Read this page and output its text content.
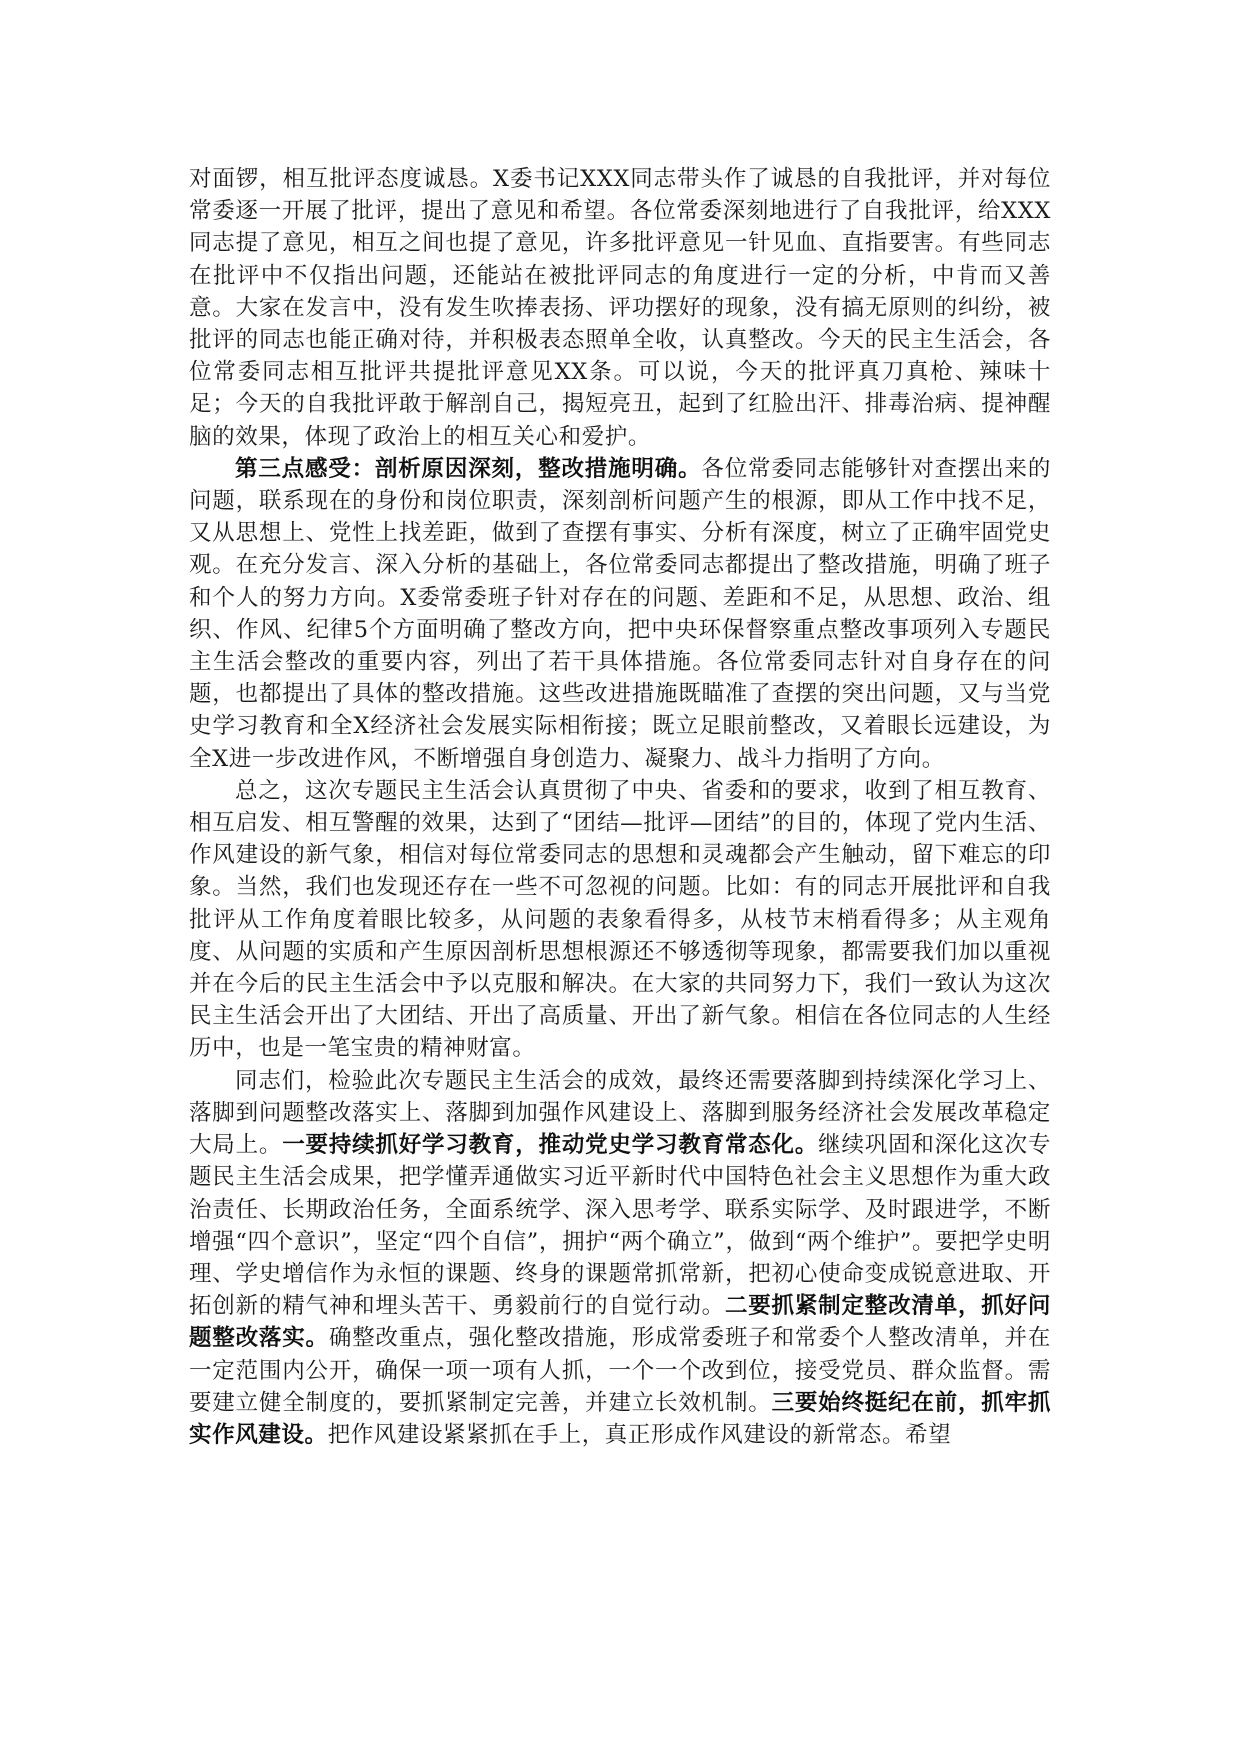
对面锣，相互批评态度诚恳。X委书记XXX同志带头作了诚恳的自我批评，并对每位常委逐一开展了批评，提出了意见和希望。各位常委深刻地进行了自我批评，给XXX同志提了意见，相互之间也提了意见，许多批评意见一针见血、直指要害。有些同志在批评中不仅指出问题，还能站在被批评同志的角度进行一定的分析，中肯而又善意。大家在发言中，没有发生吹捧表扬、评功摆好的现象，没有搞无原则的纠纷，被批评的同志也能正确对待，并积极表态照单全收，认真整改。今天的民主生活会，各位常委同志相互批评共提批评意见XX条。可以说，今天的批评真刀真枪、辣味十足；今天的自我批评敢于解剖自己，揭短亮丑，起到了红脸出汗、排毒治病、提神醒脑的效果，体现了政治上的相互关心和爱护。

第三点感受：剖析原因深刻，整改措施明确。各位常委同志能够针对查摆出来的问题，联系现在的身份和岗位职责，深刻剖析问题产生的根源，即从工作中找不足，又从思想上、党性上找差距，做到了查摆有事实、分析有深度，树立了正确牢固党史观。在充分发言、深入分析的基础上，各位常委同志都提出了整改措施，明确了班子和个人的努力方向。X委常委班子针对存在的问题、差距和不足，从思想、政治、组织、作风、纪律5个方面明确了整改方向，把中央环保督察重点整改事项列入专题民主生活会整改的重要内容，列出了若干具体措施。各位常委同志针对自身存在的问题，也都提出了具体的整改措施。这些改进措施既瞄准了查摆的突出问题，又与当党史学习教育和全X经济社会发展实际相衔接；既立足眼前整改，又着眼长远建设，为全X进一步改进作风，不断增强自身创造力、凝聚力、战斗力指明了方向。

总之，这次专题民主生活会认真贯彻了中央、省委和的要求，收到了相互教育、相互启发、相互警醒的效果，达到了“团结—批评—团结”的目的，体现了党内生活、作风建设的新气象，相信对每位常委同志的思想和灵魂都会产生触动，留下难忘的印象。当然，我们也发现还存在一些不可忽视的问题。比如：有的同志开展批评和自我批评从工作角度着眼比较多，从问题的表象看得多，从枝节末梢看得多；从主观角度、从问题的实质和产生原因剖析思想根源还不够透彻等现象，都需要我们加以重视并在今后的民主生活会中予以克服和解决。在大家的共同努力下，我们一致认为这次民主生活会开出了大团结、开出了高质量、开出了新气象。相信在各位同志的人生经历中，也是一笔宝贵的精神财富。

同志们，检验此次专题民主生活会的成效，最终还需要落脚到持续深化学习上、落脚到问题整改落实上、落脚到加强作风建设上、落脚到服务经济社会发展改革稳定大局上。一要持续抓好学习教育，推动党史学习教育常态化。继续巩固和深化这次专题民主生活会成果，把学懂弄通做实习近平新时代中国特色社会主义思想作为重大政治责任、长期政治任务，全面系统学、深入思考学、联系实际学、及时跟进学，不断增强“四个意识”，坚定“四个自信”，拥护“两个确立”，做到“两个维护”。要把学史明理、学史增信作为永恒的课题、终身的课题常抓常新，把初心使命变成锐意进取、开拓创新的精气神和埋头苦干、勇毅前行的自觉行动。二要抓紧制定整改清单，抓好问题整改落实。确整改重点，强化整改措施，形成常委班子和常委个人整改清单，并在一定范围内公开，确保一项一项有人抓，一个一个改到位，接受党员、群众监督。需要建立健全制度的，要抓紧制定完善，并建立长效机制。三要始终挺纪在前，抓牢抓实作风建设。把作风建设紧紧抓在手上，真正形成作风建设的新常态。希望
